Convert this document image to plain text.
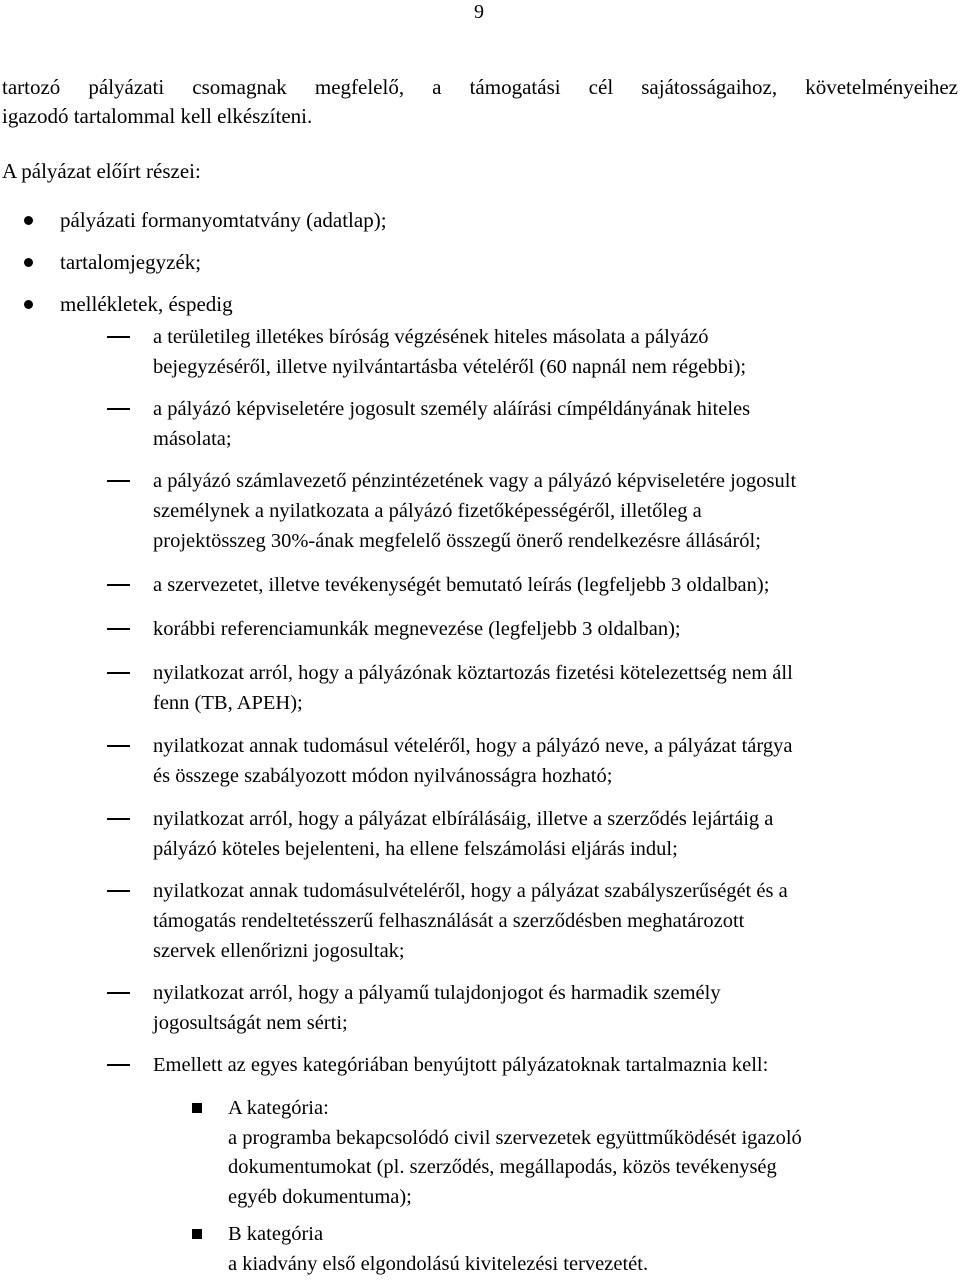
9

tartozó pályázati csomagnak megfelelő, a támogatási cél sajátosságaihoz, követelményeihez

igazodó tartalommal kell elkészíteni.

A pályázat előírt részei:
pályázati formanyomtatvány (adatlap);
tartalomjegyzék;
mellékletek, éspedig
a területileg illetékes bíróság végzésének hiteles másolata a pályázó
bejegyzéséről, illetve nyilvántartásba vételéről (60 napnál nem régebbi);
a pályázó képviseletére jogosult személy aláírási címpéldányának hiteles
másolata;
a pályázó számlavezető pénzintézetének vagy a pályázó képviseletére jogosult
személynek a nyilatkozata a pályázó fizetőképességéről, illetőleg a
projektösszeg 30%-ának megfelelő összegű önerő rendelkezésre állásáról;
a szervezetet, illetve tevékenységét bemutató leírás (legfeljebb 3 oldalban);
korábbi referenciamunkák megnevezése (legfeljebb 3 oldalban);
nyilatkozat arról, hogy a pályázónak köztartozás fizetési kötelezettség nem áll
fenn (TB, APEH);
nyilatkozat annak tudomásul vételéről, hogy a pályázó neve, a pályázat tárgya
és összege szabályozott módon nyilvánosságra hozható;
nyilatkozat arról, hogy a pályázat elbírálásáig, illetve a szerződés lejártáig a
pályázó köteles bejelenteni, ha ellene felszámolási eljárás indul;
nyilatkozat annak tudomásulvételéről, hogy a pályázat szabályszerűségét és a
támogatás rendeltetésszerű felhasználását a szerződésben meghatározott
szervek ellenőrizni jogosultak;
nyilatkozat arról, hogy a pályamű tulajdonjogot és harmadik személy
jogosultságát nem sérti;
Emellett az egyes kategóriában benyújtott pályázatoknak tartalmaznia kell:
A kategória:
a programba bekapcsolódó civil szervezetek együttműködését igazoló
dokumentumokat (pl. szerződés, megállapodás, közös tevékenység
egyéb dokumentuma);
B kategória
a kiadvány első elgondolású kivitelezési tervezetét.
